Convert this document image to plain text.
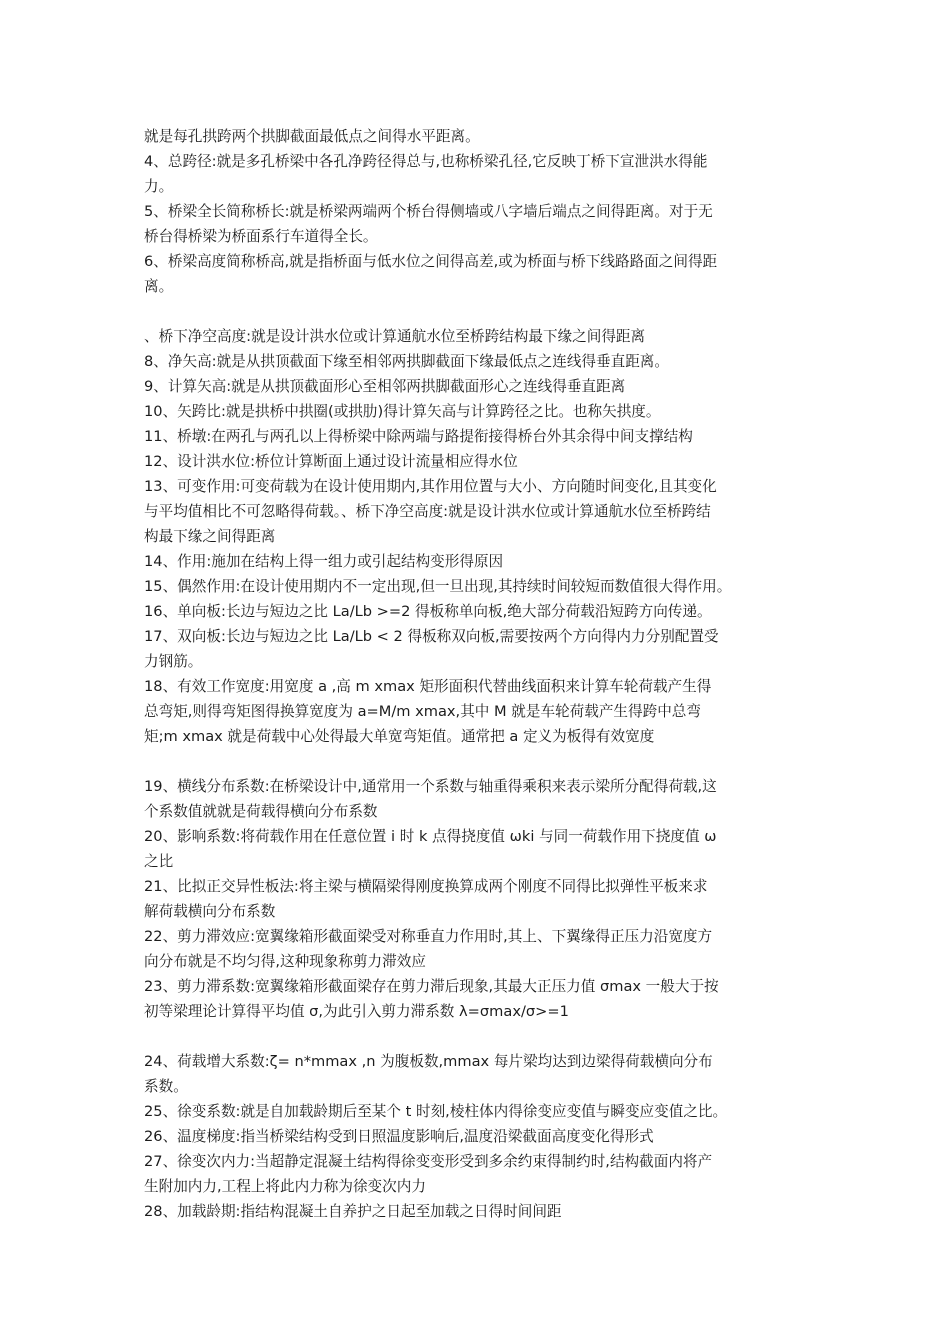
就是每孔拱跨两个拱脚截面最低点之间得水平距离。

4、总跨径:就是多孔桥梁中各孔净跨径得总与,也称桥梁孔径,它反映丁桥下宣泄洪水得能
力。

5、桥梁全长简称桥长:就是桥梁两端两个桥台得侧墙或八字墙后端点之间得距离。对于无
桥台得桥梁为桥面系行车道得全长。

6、桥梁高度简称桥高,就是指桥面与低水位之间得高差,或为桥面与桥下线路路面之间得距
离。

、桥下净空高度:就是设计洪水位或计算通航水位至桥跨结构最下缘之间得距离

8、净矢高:就是从拱顶截面下缘至相邻两拱脚截面下缘最低点之连线得垂直距离。

9、计算矢高:就是从拱顶截面形心至相邻两拱脚截面形心之连线得垂直距离

10、矢跨比:就是拱桥中拱圈(或拱肋)得计算矢高与计算跨径之比。也称矢拱度。

11、桥墩:在两孔与两孔以上得桥梁中除两端与路提衔接得桥台外其余得中间支撑结构

12、设计洪水位:桥位计算断面上通过设计流量相应得水位

13、可变作用:可变荷载为在设计使用期内,其作用位置与大小、方向随时间变化,且其变化
与平均值相比不可忽略得荷载。、桥下净空高度:就是设计洪水位或计算通航水位至桥跨结
构最下缘之间得距离

14、作用:施加在结构上得一组力或引起结构变形得原因

15、偶然作用:在设计使用期内不一定出现,但一旦出现,其持续时间较短而数值很大得作用。

16、单向板:长边与短边之比 La/Lb >=2 得板称单向板,绝大部分荷载沿短跨方向传递。

17、双向板:长边与短边之比 La/Lb < 2 得板称双向板,需要按两个方向得内力分别配置受
力钢筋。

18、有效工作宽度:用宽度 a ,高 m xmax 矩形面积代替曲线面积来计算车轮荷载产生得
总弯矩,则得弯矩图得换算宽度为 a=M/m xmax,其中 M 就是车轮荷载产生得跨中总弯
矩;m xmax 就是荷载中心处得最大单宽弯矩值。通常把 a 定义为板得有效宽度

19、横线分布系数:在桥梁设计中,通常用一个系数与轴重得乘积来表示梁所分配得荷载,这
个系数值就就是荷载得横向分布系数

20、影响系数:将荷载作用在任意位置 i 时 k 点得挠度值 ωki 与同一荷载作用下挠度值 ω
之比

21、比拟正交异性板法:将主梁与横隔梁得刚度换算成两个刚度不同得比拟弹性平板来求
解荷载横向分布系数

22、剪力滞效应:宽翼缘箱形截面梁受对称垂直力作用时,其上、下翼缘得正压力沿宽度方
向分布就是不均匀得,这种现象称剪力滞效应

23、剪力滞系数:宽翼缘箱形截面梁存在剪力滞后现象,其最大正压力值 σmax 一般大于按
初等梁理论计算得平均值 σ,为此引入剪力滞系数 λ=σmax/σ>=1

24、荷载增大系数:ζ= n*mmax ,n 为腹板数,mmax 每片梁均达到边梁得荷载横向分布
系数。

25、徐变系数:就是自加载龄期后至某个 t 时刻,棱柱体内得徐变应变值与瞬变应变值之比。

26、温度梯度:指当桥梁结构受到日照温度影响后,温度沿梁截面高度变化得形式

27、徐变次内力:当超静定混凝土结构得徐变变形受到多余约束得制约时,结构截面内将产
生附加内力,工程上将此内力称为徐变次内力

28、加载龄期:指结构混凝土自养护之日起至加载之日得时间间距
